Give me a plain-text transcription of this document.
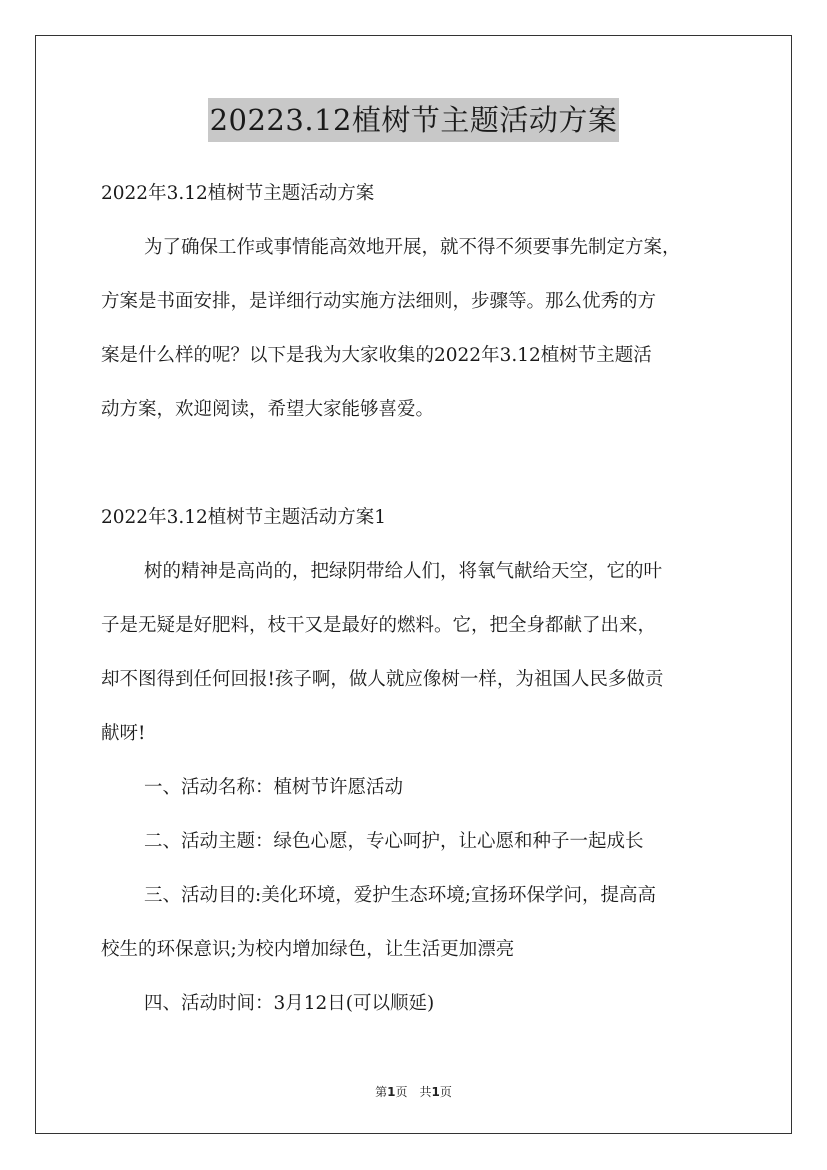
20223.12植树节主题活动方案
2022年3.12植树节主题活动方案
为了确保工作或事情能高效地开展，就不得不须要事先制定方案，
方案是书面安排，是详细行动实施方法细则，步骤等。那么优秀的方
案是什么样的呢？以下是我为大家收集的2022年3.12植树节主题活
动方案，欢迎阅读，希望大家能够喜爱。
2022年3.12植树节主题活动方案1
树的精神是高尚的，把绿阴带给人们，将氧气献给天空，它的叶
子是无疑是好肥料，枝干又是最好的燃料。它，把全身都献了出来，
却不图得到任何回报!孩子啊，做人就应像树一样，为祖国人民多做贡
献呀!
一、活动名称：植树节许愿活动
二、活动主题：绿色心愿，专心呵护，让心愿和种子一起成长
三、活动目的:美化环境，爱护生态环境;宣扬环保学问，提高高
校生的环保意识;为校内增加绿色，让生活更加漂亮
四、活动时间：3月12日(可以顺延)
第1页　共1页
